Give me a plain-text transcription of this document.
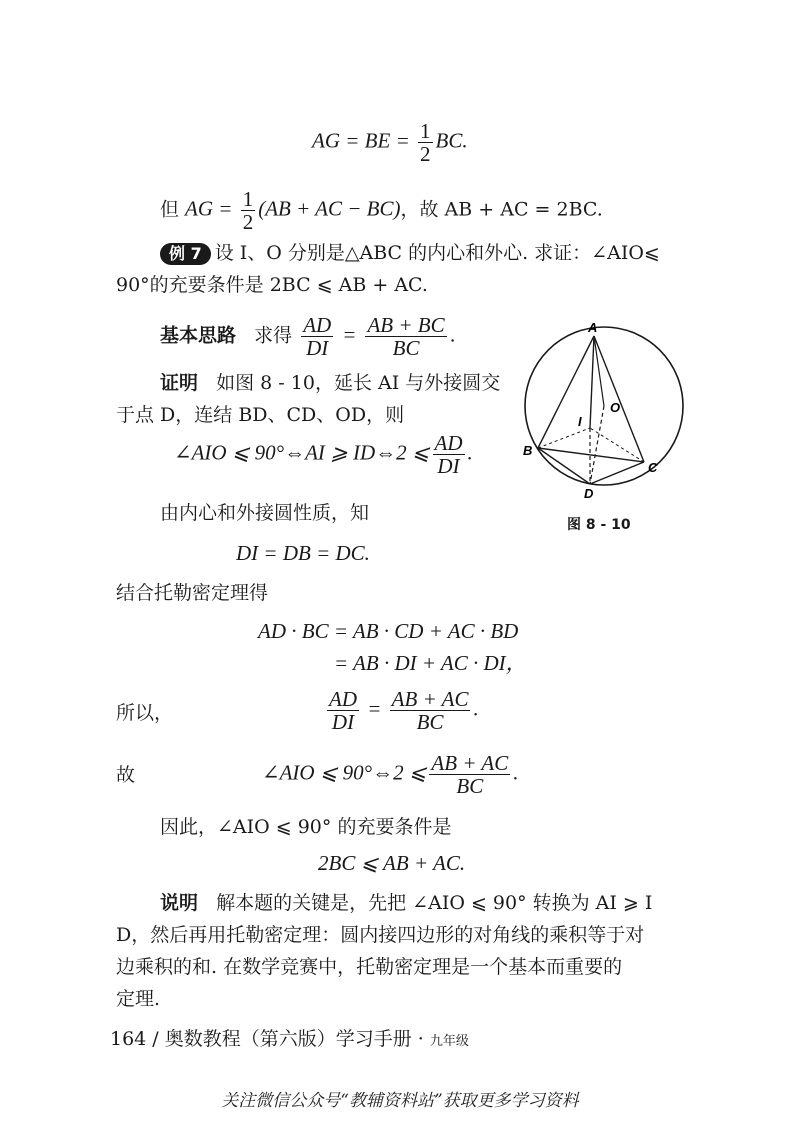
AG = BE = $\frac{1}{2}$ BC.
但 AG = $\frac{1}{2} (AB$ + AC − BC)，故 AB + AC = 2BC.
例 7 设 I、O 分别是△ABC 的内心和外心. 求证：∠AIO⩽
90°的充要条件是 2BC ⩽ AB + AC.
基本思路 求得 $\frac{AD}{DI} = \frac{AB + BC}{BC}$ .
证明 如图 8 - 10，延长 AI 与外接圆交
于点 D，连结 BD、CD、OD，则
∠AIO ⩽ 90°⇔AI ⩾ ID⇔2 ⩽ $\frac{AD}{DI}$ .
由内心和外接圆性质，知
DI = DB = DC.
结合托勒密定理得
AD · BC = AB · CD + AC · BD
= AB · DI + AC · DI，
所以，	$\frac{AD}{DI} = \frac{AB + AC}{BC}$ .
故	∠AIO ⩽ 90°⇔2 ⩽ $\frac{AB + AC}{BC}$ .
因此，∠AIO ⩽ 90° 的充要条件是
2BC ⩽ AB + AC.
说明 解本题的关键是，先把 ∠AIO ⩽ 90° 转换为 AI ⩾ I
D，然后再用托勒密定理：圆内接四边形的对角线的乘积等于对
边乘积的和. 在数学竞赛中，托勒密定理是一个基本而重要的
定理.
A
B
C
D
I
O
图 8 - 10
164 / 奥数教程（第六版）学习手册 · 九年级
关注微信公众号“教辅资料站”获取更多学习资料
